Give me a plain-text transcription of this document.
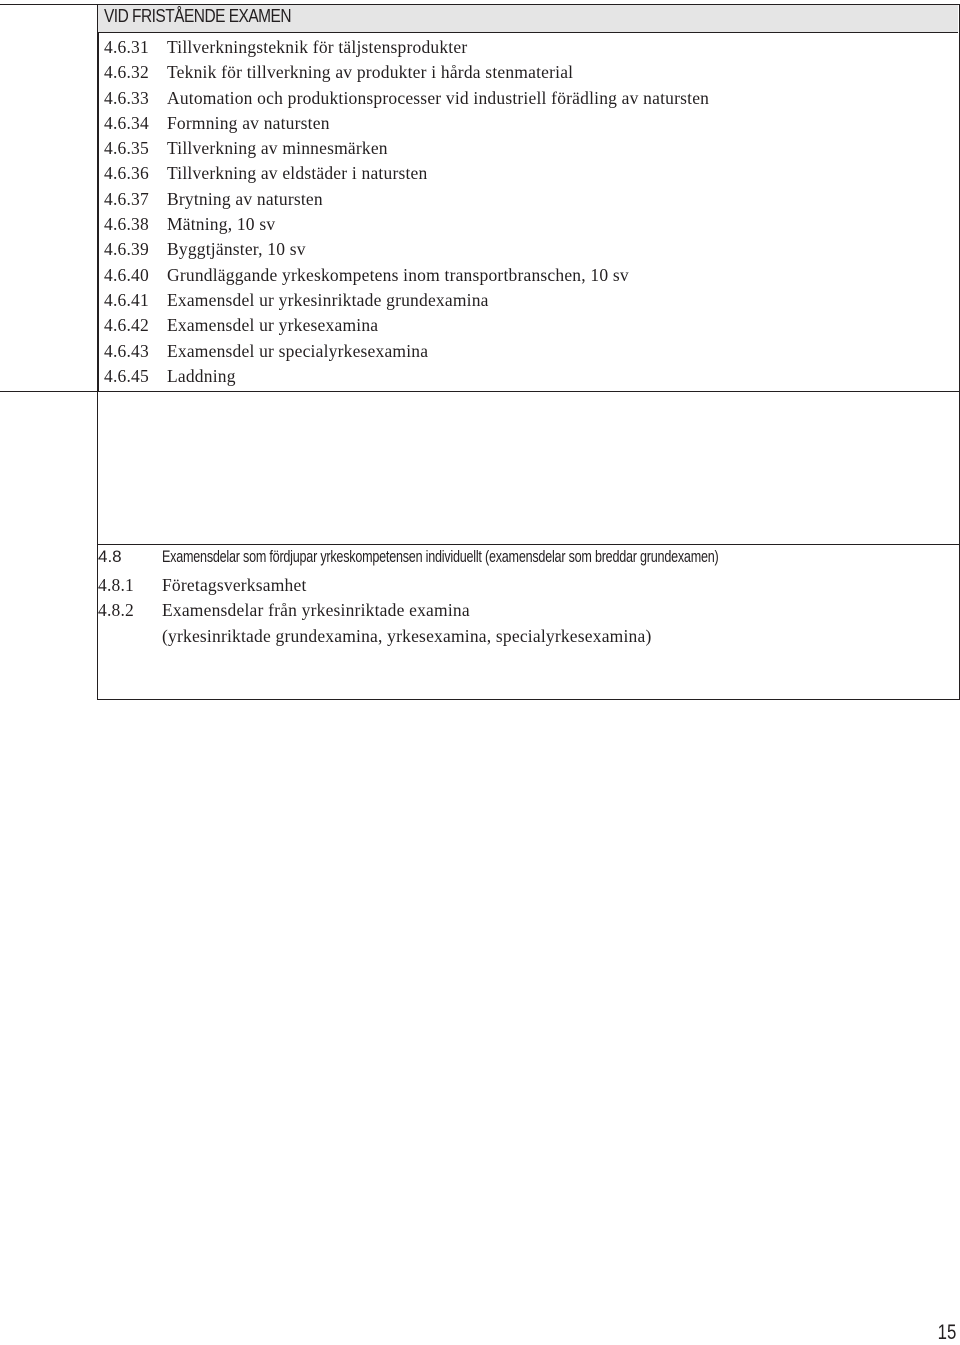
VID FRISTÅENDE EXAMEN
4.6.31 Tillverkningsteknik för täljstensprodukter
4.6.32 Teknik för tillverkning av produkter i hårda stenmaterial
4.6.33 Automation och produktionsprocesser vid industriell förädling av natursten
4.6.34 Formning av natursten
4.6.35 Tillverkning av minnesmärken
4.6.36 Tillverkning av eldstäder i natursten
4.6.37 Brytning av natursten
4.6.38 Mätning, 10 sv
4.6.39 Byggtjänster, 10 sv
4.6.40 Grundläggande yrkeskompetens inom transportbranschen, 10 sv
4.6.41 Examensdel ur yrkesinriktade grundexamina
4.6.42 Examensdel ur yrkesexamina
4.6.43 Examensdel ur specialyrkesexamina
4.6.45 Laddning
4.8 Examensdelar som fördjupar yrkeskompetensen individuellt (examensdelar som breddar grundexamen)
4.8.1 Företagsverksamhet
4.8.2 Examensdelar från yrkesinriktade examina
(yrkesinriktade grundexamina, yrkesexamina, specialyrkesexamina)
15
